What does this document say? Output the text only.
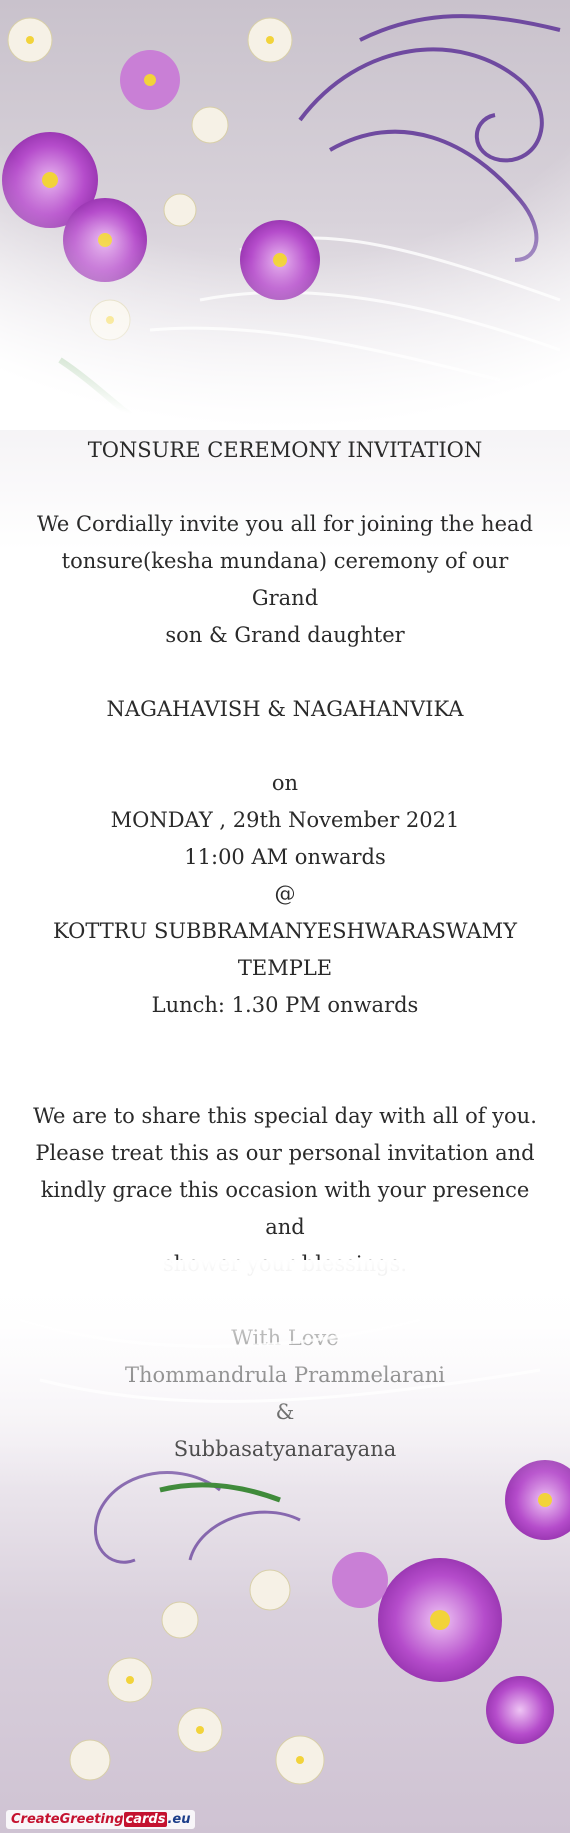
TONSURE CEREMONY INVITATION
We Cordially invite you all for joining the head
tonsure(kesha mundana) ceremony of our Grand
son & Grand daughter
NAGAHAVISH & NAGAHANVIKA
on
MONDAY , 29th November 2021
11:00 AM onwards
@
KOTTRU SUBBRAMANYESHWARASWAMY
TEMPLE
Lunch: 1.30 PM onwards
We are to share this special day with all of you.
Please treat this as our personal invitation and
kindly grace this occasion with your presence and
CreateGreeting cards .eu
